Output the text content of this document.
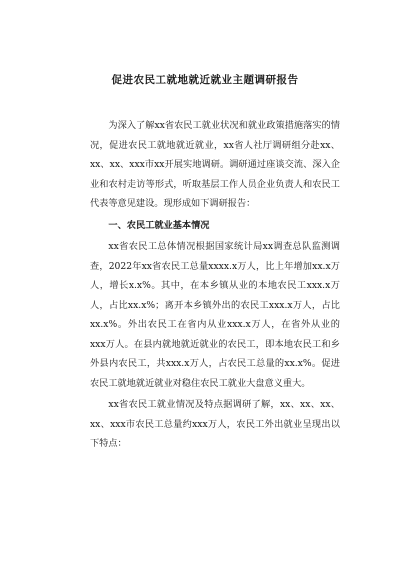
促进农民工就地就近就业主题调研报告

为深入了解xx省农民工就业状况和就业政策措施落实的情况，促进农民工就地就近就业，xx省人社厅调研组分赴xx、xx、xx、xxx市xx开展实地调研。调研通过座谈交流、深入企业和农村走访等形式，听取基层工作人员企业负责人和农民工代表等意见建设。现形成如下调研报告：

一、农民工就业基本情况

xx省农民工总体情况根据国家统计局xx调查总队监测调查，2022年xx省农民工总量xxxx.x万人，比上年增加xx.x万人，增长x.x%。其中，在本乡镇从业的本地农民工xxx.x万人，占比xx.x%；离开本乡镇外出的农民工xxx.x万人，占比xx.x%。外出农民工在省内从业xxx.x万人，在省外从业的xxx万人。在县内就地就近就业的农民工，即本地农民工和乡外县内农民工，共xxx.x万人，占农民工总量的xx.x%。促进农民工就地就近就业对稳住农民工就业大盘意义重大。

xx省农民工就业情况及特点据调研了解，xx、xx、xx、xx、xxx市农民工总量约xxx万人，农民工外出就业呈现出以下特点：
